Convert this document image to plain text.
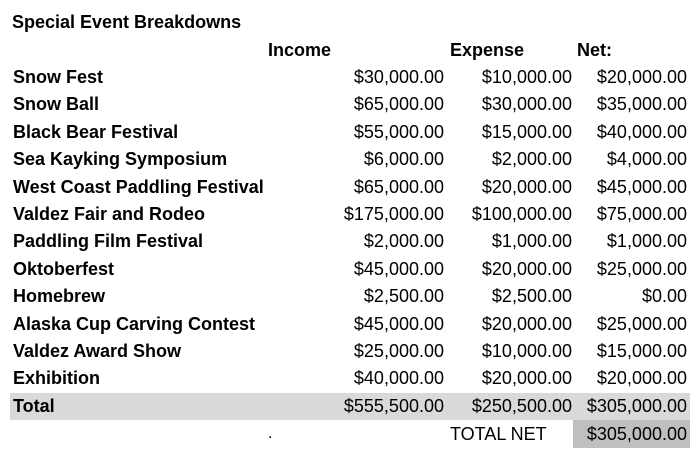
Special Event Breakdowns
Income	Expense	Net:
Snow Fest	$30,000.00 $10,000.00 $20,000.00
Snow Ball	$65,000.00 $30,000.00 $35,000.00
Black Bear Festival	$55,000.00 $15,000.00 $40,000.00
Sea Kayking Symposium	$6,000.00	$2,000.00 $4,000.00
West Coast Paddling Festival	$65,000.00 $20,000.00 $45,000.00
Valdez Fair and Rodeo	$175,000.00 $100,000.00 $75,000.00
Paddling Film Festival	$2,000.00	$1,000.00 $1,000.00
Oktoberfest	$45,000.00 $20,000.00 $25,000.00
Homebrew	$2,500.00	$2,500.00	$0.00
Alaska Cup Carving Contest	$45,000.00 $20,000.00 $25,000.00
Valdez Award Show	$25,000.00 $10,000.00 $15,000.00
Exhibition	$40,000.00 $20,000.00 $20,000.00
Total	$555,500.00 $250,500.00 $305,000.00
.	TOTAL NET	$305,000.00
